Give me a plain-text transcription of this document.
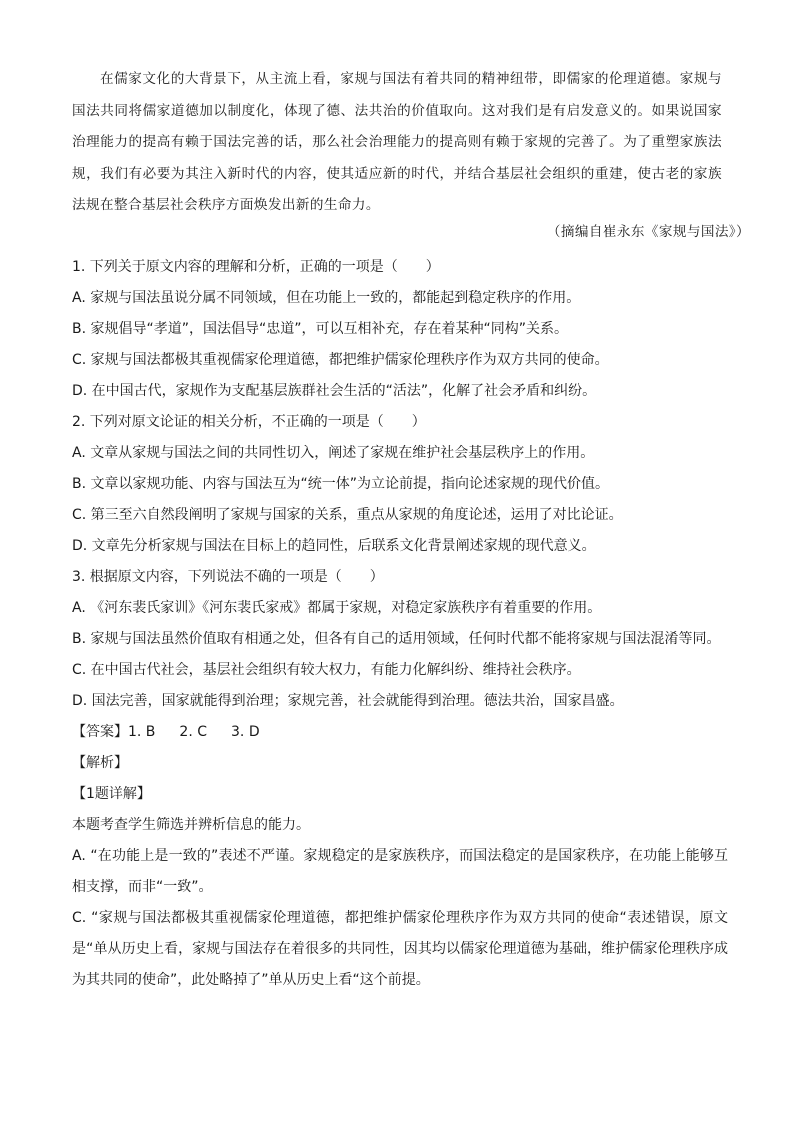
在儒家文化的大背景下，从主流上看，家规与国法有着共同的精神纽带，即儒家的伦理道德。家规与国法共同将儒家道德加以制度化，体现了德、法共治的价值取向。这对我们是有启发意义的。如果说国家治理能力的提高有赖于国法完善的话，那么社会治理能力的提高则有赖于家规的完善了。为了重塑家族法规，我们有必要为其注入新时代的内容，使其适应新的时代，并结合基层社会组织的重建，使古老的家族法规在整合基层社会秩序方面焕发出新的生命力。

（摘编自崔永东《家规与国法》）
1. 下列关于原文内容的理解和分析，正确的一项是（　　）
A. 家规与国法虽说分属不同领域，但在功能上一致的，都能起到稳定秩序的作用。
B. 家规倡导“孝道”，国法倡导“忠道”，可以互相补充，存在着某种“同构”关系。
C. 家规与国法都极其重视儒家伦理道德，都把维护儒家伦理秩序作为双方共同的使命。
D. 在中国古代，家规作为支配基层族群社会生活的“活法”，化解了社会矛盾和纠纷。
2. 下列对原文论证的相关分析，不正确的一项是（　　）
A. 文章从家规与国法之间的共同性切入，阐述了家规在维护社会基层秩序上的作用。
B. 文章以家规功能、内容与国法互为“统一体”为立论前提，指向论述家规的现代价值。
C. 第三至六自然段阐明了家规与国家的关系，重点从家规的角度论述，运用了对比论证。
D. 文章先分析家规与国法在目标上的趋同性，后联系文化背景阐述家规的现代意义。
3. 根据原文内容，下列说法不确的一项是（　　）
A. 《河东裴氏家训》《河东裴氏家戒》都属于家规，对稳定家族秩序有着重要的作用。
B. 家规与国法虽然价值取有相通之处，但各有自己的适用领域，任何时代都不能将家规与国法混淆等同。
C. 在中国古代社会，基层社会组织有较大权力，有能力化解纠纷、维持社会秩序。
D. 国法完善，国家就能得到治理；家规完善，社会就能得到治理。德法共治，国家昌盛。
【答案】1. B 2. C 3. D
【解析】
【1题详解】
本题考查学生筛选并辨析信息的能力。
A. “在功能上是一致的”表述不严谨。家规稳定的是家族秩序，而国法稳定的是国家秩序，在功能上能够互相支撑，而非“一致”。
C. “家规与国法都极其重视儒家伦理道德，都把维护儒家伦理秩序作为双方共同的使命“表述错误，原文是“单从历史上看，家规与国法存在着很多的共同性，因其均以儒家伦理道德为基础，维护儒家伦理秩序成为其共同的使命”，此处略掉了”单从历史上看“这个前提。
